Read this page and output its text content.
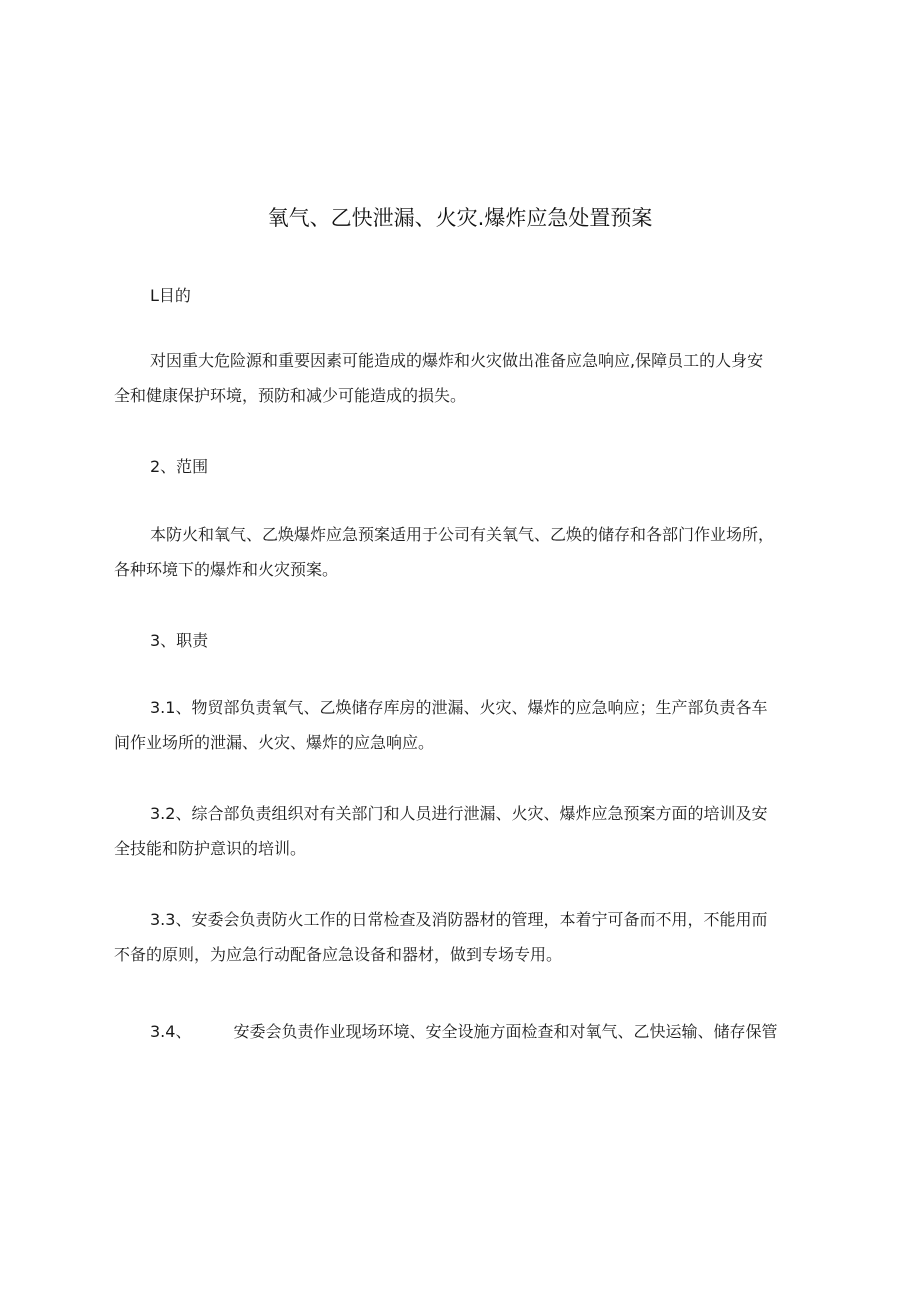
氧气、乙快泄漏、火灾.爆炸应急处置预案

L目的

对因重大危险源和重要因素可能造成的爆炸和火灾做出准备应急响应,保障员工的人身安
全和健康保护环境，预防和减少可能造成的损失。

2、范围

本防火和氧气、乙焕爆炸应急预案适用于公司有关氧气、乙焕的储存和各部门作业场所，
各种环境下的爆炸和火灾预案。

3、职责

3.1、物贸部负责氧气、乙焕储存库房的泄漏、火灾、爆炸的应急响应；生产部负责各车
间作业场所的泄漏、火灾、爆炸的应急响应。

3.2、综合部负责组织对有关部门和人员进行泄漏、火灾、爆炸应急预案方面的培训及安
全技能和防护意识的培训。

3.3、安委会负责防火工作的日常检查及消防器材的管理，本着宁可备而不用，不能用而
不备的原则，为应急行动配备应急设备和器材，做到专场专用。

3.4、	安委会负责作业现场环境、安全设施方面检查和对氧气、乙快运输、储存保管
